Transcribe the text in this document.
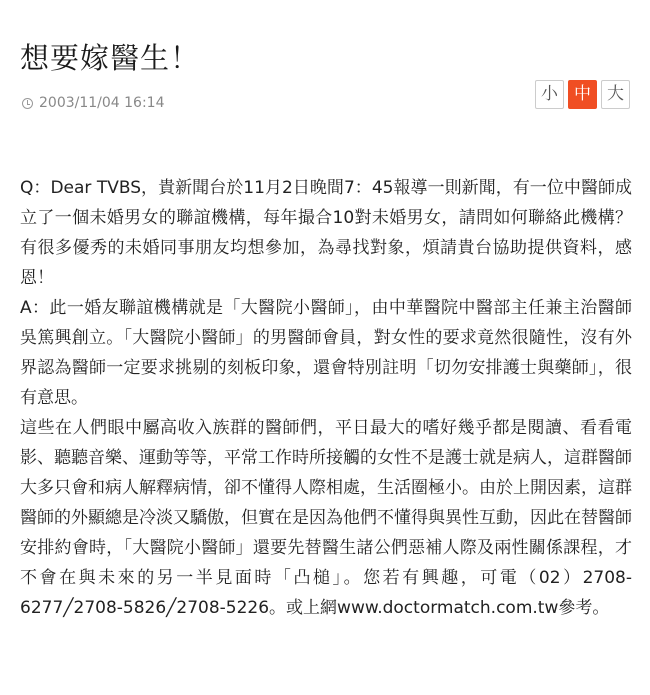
想要嫁醫生！
2003/11/04 16:14	小 中 大

Q：Dear TVBS，貴新聞台於11月2日晚間7：45報導一則新聞，有一位中醫師成立了一個未婚男女的聯誼機構，每年撮合10對未婚男女，請問如何聯絡此機構？有很多優秀的未婚同事朋友均想參加，為尋找對象，煩請貴台協助提供資料，感恩！

A：此一婚友聯誼機構就是「大醫院小醫師」，由中華醫院中醫部主任兼主治醫師吳篤興創立。「大醫院小醫師」的男醫師會員，對女性的要求竟然很隨性，沒有外界認為醫師一定要求挑剔的刻板印象，還會特別註明「切勿安排護士與藥師」，很有意思。

這些在人們眼中屬高收入族群的醫師們，平日最大的嗜好幾乎都是閱讀、看看電影、聽聽音樂、運動等等，平常工作時所接觸的女性不是護士就是病人，這群醫師大多只會和病人解釋病情，卻不懂得人際相處，生活圈極小。由於上開因素，這群醫師的外顯總是冷淡又驕傲，但實在是因為他們不懂得與異性互動，因此在替醫師安排約會時，「大醫院小醫師」還要先替醫生諸公們惡補人際及兩性關係課程，才不會在與未來的另一半見面時「凸槌」。您若有興趣，可電（02）2708-6277╱2708-5826╱2708-5226。或上網www.doctormatch.com.tw參考。
